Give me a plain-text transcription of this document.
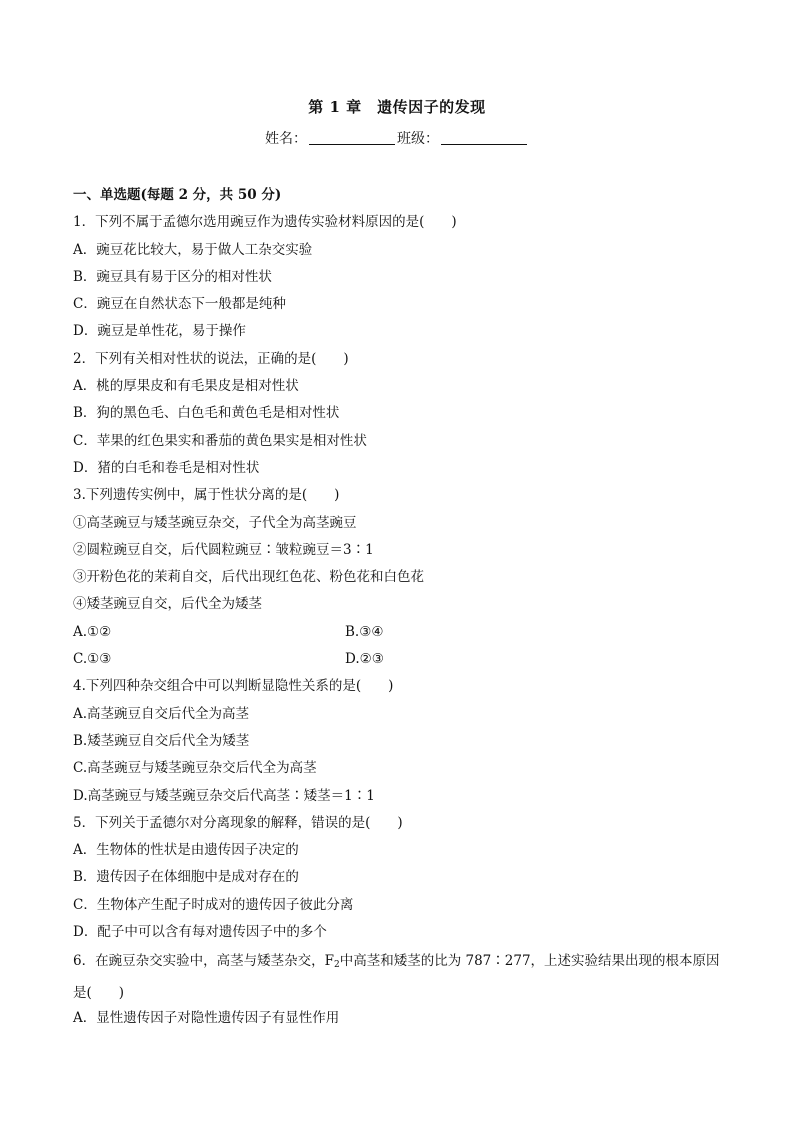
第 1 章　遗传因子的发现
姓名：	班级：
一、单选题(每题 2 分，共 50 分)
1．下列不属于孟德尔选用豌豆作为遗传实验材料原因的是(　　)
A．豌豆花比较大，易于做人工杂交实验
B．豌豆具有易于区分的相对性状
C．豌豆在自然状态下一般都是纯种
D．豌豆是单性花，易于操作
2．下列有关相对性状的说法，正确的是(　　)
A．桃的厚果皮和有毛果皮是相对性状
B．狗的黑色毛、白色毛和黄色毛是相对性状
C．苹果的红色果实和番茄的黄色果实是相对性状
D．猪的白毛和卷毛是相对性状
3.下列遗传实例中，属于性状分离的是(　　)
①高茎豌豆与矮茎豌豆杂交，子代全为高茎豌豆
②圆粒豌豆自交，后代圆粒豌豆∶皱粒豌豆＝3∶1
③开粉色花的茉莉自交，后代出现红色花、粉色花和白色花
④矮茎豌豆自交，后代全为矮茎
A.①②	B.③④
C.①③	D.②③
4.下列四种杂交组合中可以判断显隐性关系的是(　　)
A.高茎豌豆自交后代全为高茎
B.矮茎豌豆自交后代全为矮茎
C.高茎豌豆与矮茎豌豆杂交后代全为高茎
D.高茎豌豆与矮茎豌豆杂交后代高茎∶矮茎＝1∶1
5．下列关于孟德尔对分离现象的解释，错误的是(　　)
A．生物体的性状是由遗传因子决定的
B．遗传因子在体细胞中是成对存在的
C．生物体产生配子时成对的遗传因子彼此分离
D．配子中可以含有每对遗传因子中的多个
6．在豌豆杂交实验中，高茎与矮茎杂交，$F_2$中高茎和矮茎的比为 787∶277，上述实验结果出现的根本原因是(　　)
A．显性遗传因子对隐性遗传因子有显性作用
